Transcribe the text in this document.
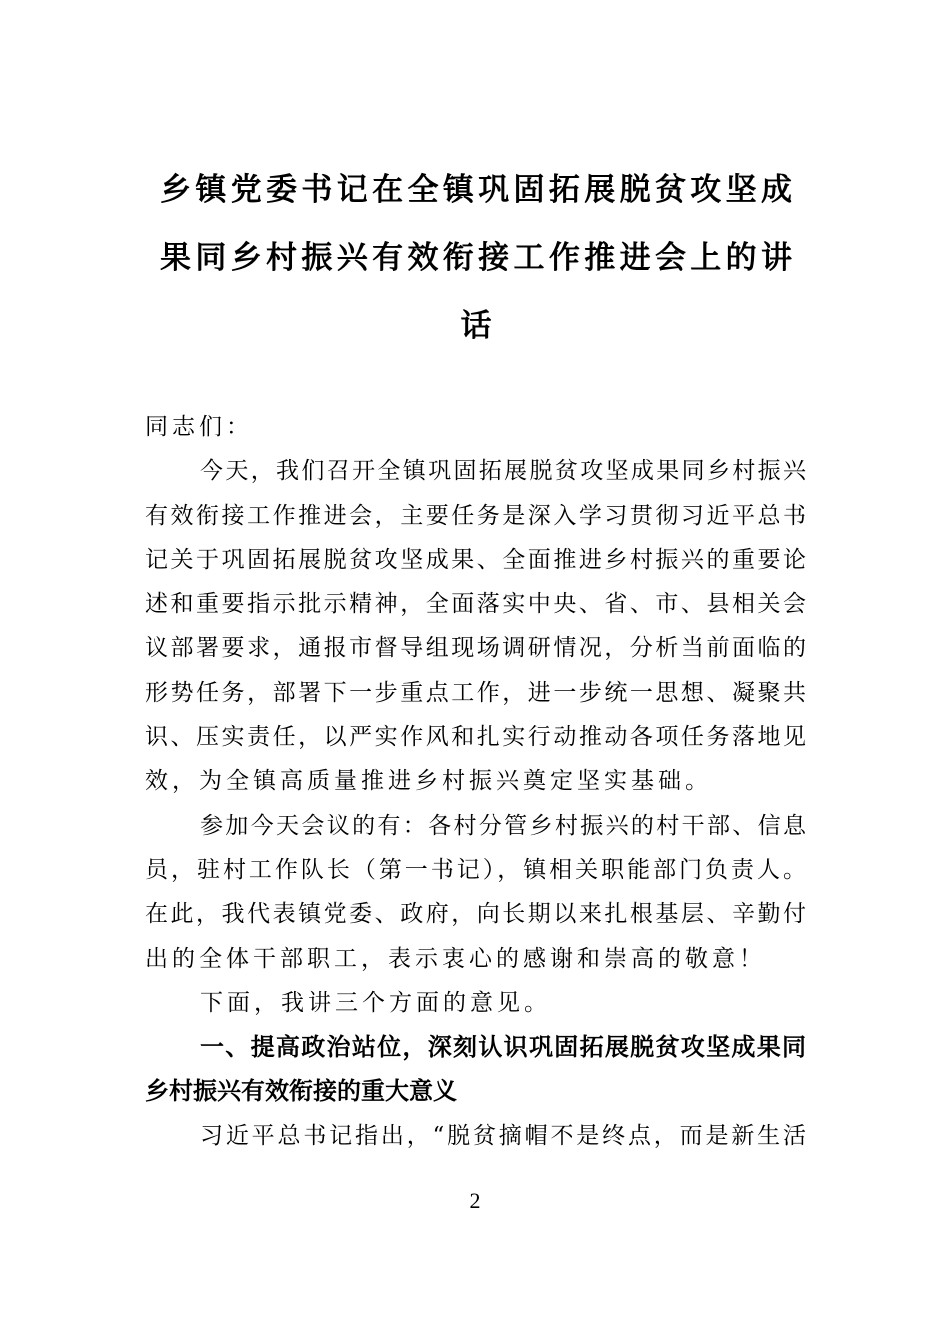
乡镇党委书记在全镇巩固拓展脱贫攻坚成
果同乡村振兴有效衔接工作推进会上的讲
话
同志们：
今天，我们召开全镇巩固拓展脱贫攻坚成果同乡村振兴
有效衔接工作推进会，主要任务是深入学习贯彻习近平总书
记关于巩固拓展脱贫攻坚成果、全面推进乡村振兴的重要论
述和重要指示批示精神，全面落实中央、省、市、县相关会
议部署要求，通报市督导组现场调研情况，分析当前面临的
形势任务，部署下一步重点工作，进一步统一思想、凝聚共
识、压实责任，以严实作风和扎实行动推动各项任务落地见
效，为全镇高质量推进乡村振兴奠定坚实基础。
参加今天会议的有：各村分管乡村振兴的村干部、信息
员，驻村工作队长（第一书记），镇相关职能部门负责人。
在此，我代表镇党委、政府，向长期以来扎根基层、辛勤付
出的全体干部职工，表示衷心的感谢和崇高的敬意！
下面，我讲三个方面的意见。
一、提高政治站位，深刻认识巩固拓展脱贫攻坚成果同
乡村振兴有效衔接的重大意义
习近平总书记指出，“脱贫摘帽不是终点，而是新生活
2
